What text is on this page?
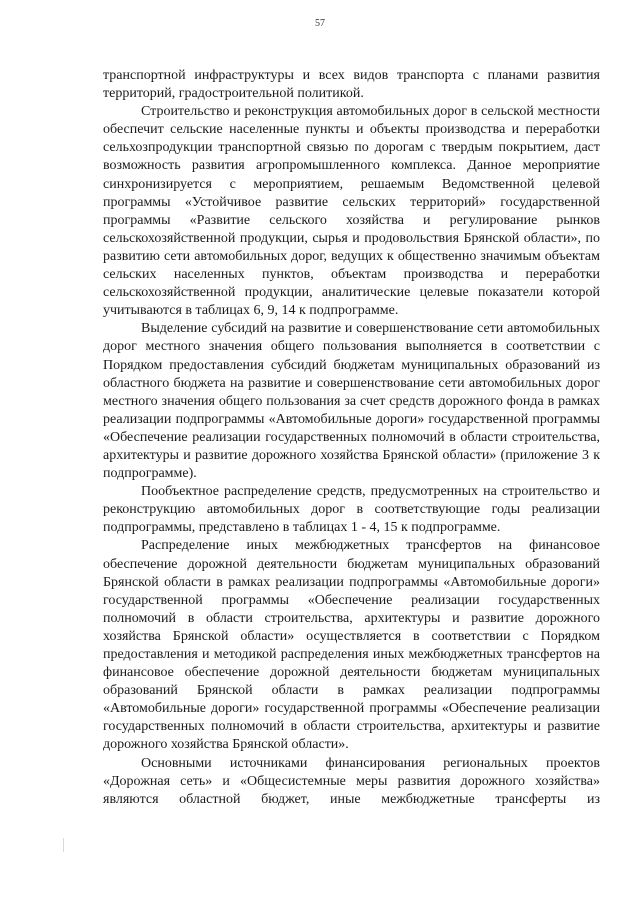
57

транспортной инфраструктуры и всех видов транспорта с планами развития территорий, градостроительной политикой.

Строительство и реконструкция автомобильных дорог в сельской местности обеспечит сельские населенные пункты и объекты производства и переработки сельхозпродукции транспортной связью по дорогам с твердым покрытием, даст возможность развития агропромышленного комплекса. Данное мероприятие синхронизируется с мероприятием, решаемым Ведомственной целевой программы «Устойчивое развитие сельских территорий» государственной программы «Развитие сельского хозяйства и регулирование рынков сельскохозяйственной продукции, сырья и продовольствия Брянской области», по развитию сети автомобильных дорог, ведущих к общественно значимым объектам сельских населенных пунктов, объектам производства и переработки сельскохозяйственной продукции, аналитические целевые показатели которой учитываются в таблицах 6, 9, 14 к подпрограмме.

Выделение субсидий на развитие и совершенствование сети автомобильных дорог местного значения общего пользования выполняется в соответствии с Порядком предоставления субсидий бюджетам муниципальных образований из областного бюджета на развитие и совершенствование сети автомобильных дорог местного значения общего пользования за счет средств дорожного фонда в рамках реализации подпрограммы «Автомобильные дороги» государственной программы «Обеспечение реализации государственных полномочий в области строительства, архитектуры и развитие дорожного хозяйства Брянской области» (приложение 3 к подпрограмме).

Пообъектное распределение средств, предусмотренных на строительство и реконструкцию автомобильных дорог в соответствующие годы реализации подпрограммы, представлено в таблицах 1 - 4, 15 к подпрограмме.

Распределение иных межбюджетных трансфертов на финансовое обеспечение дорожной деятельности бюджетам муниципальных образований Брянской области в рамках реализации подпрограммы «Автомобильные дороги» государственной программы «Обеспечение реализации государственных полномочий в области строительства, архитектуры и развитие дорожного хозяйства Брянской области» осуществляется в соответствии с Порядком предоставления и методикой распределения иных межбюджетных трансфертов на финансовое обеспечение дорожной деятельности бюджетам муниципальных образований Брянской области в рамках реализации подпрограммы «Автомобильные дороги» государственной программы «Обеспечение реализации государственных полномочий в области строительства, архитектуры и развитие дорожного хозяйства Брянской области».

Основными источниками финансирования региональных проектов «Дорожная сеть» и «Общесистемные меры развития дорожного хозяйства» являются областной бюджет, иные межбюджетные трансферты из
